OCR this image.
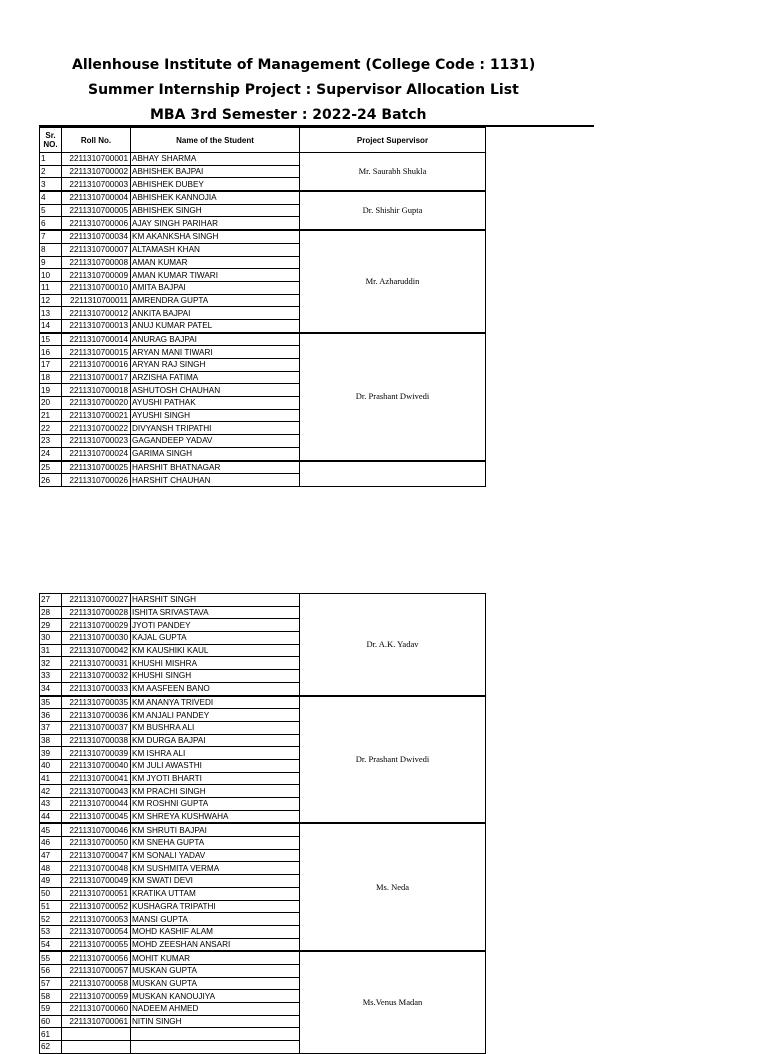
Allenhouse Institute of Management (College Code : 1131)
Summer Internship Project : Supervisor Allocation List
MBA 3rd Semester : 2022-24 Batch
Sr. NO.	Roll No.	Name of the Student	Project Supervisor
1	2211310700001	ABHAY SHARMA	Mr. Saurabh Shukla
2	2211310700002	ABHISHEK BAJPAI	
3	2211310700003	ABHISHEK DUBEY	
4	2211310700004	ABHISHEK KANNOJIA	Dr. Shishir Gupta
5	2211310700005	ABHISHEK SINGH	
6	2211310700006	AJAY SINGH PARIHAR	
7	2211310700034	KM AKANKSHA SINGH	Mr. Azharuddin
8	2211310700007	ALTAMASH KHAN	
9	2211310700008	AMAN KUMAR	
10	2211310700009	AMAN KUMAR TIWARI	
11	2211310700010	AMITA BAJPAI	
12	2211310700011	AMRENDRA GUPTA	
13	2211310700012	ANKITA BAJPAI	
14	2211310700013	ANUJ KUMAR PATEL	
15	2211310700014	ANURAG BAJPAI	Dr. Prashant Dwivedi
16	2211310700015	ARYAN MANI TIWARI	
17	2211310700016	ARYAN RAJ SINGH	
18	2211310700017	ARZISHA FATIMA	
19	2211310700018	ASHUTOSH CHAUHAN	
20	2211310700020	AYUSHI PATHAK	
21	2211310700021	AYUSHI SINGH	
22	2211310700022	DIVYANSH TRIPATHI	
23	2211310700023	GAGANDEEP YADAV	
24	2211310700024	GARIMA SINGH	
25	2211310700025	HARSHIT BHATNAGAR	
26	2211310700026	HARSHIT CHAUHAN	
27	2211310700027	HARSHIT SINGH	Dr. A.K. Yadav
28	2211310700028	ISHITA SRIVASTAVA	
29	2211310700029	JYOTI PANDEY	
30	2211310700030	KAJAL GUPTA	
31	2211310700042	KM KAUSHIKI KAUL	
32	2211310700031	KHUSHI MISHRA	
33	2211310700032	KHUSHI SINGH	
34	2211310700033	KM AASFEEN BANO	
35	2211310700035	KM ANANYA TRIVEDI	Dr. Prashant Dwivedi
36	2211310700036	KM ANJALI PANDEY	
37	2211310700037	KM BUSHRA ALI	
38	2211310700038	KM DURGA BAJPAI	
39	2211310700039	KM ISHRA ALI	
40	2211310700040	KM JULI AWASTHI	
41	2211310700041	KM JYOTI BHARTI	
42	2211310700043	KM PRACHI SINGH	
43	2211310700044	KM ROSHNI GUPTA	
44	2211310700045	KM SHREYA KUSHWAHA	
45	2211310700046	KM SHRUTI BAJPAI	Ms. Neda
46	2211310700050	KM SNEHA GUPTA	
47	2211310700047	KM SONALI YADAV	
48	2211310700048	KM SUSHMITA VERMA	
49	2211310700049	KM SWATI DEVI	
50	2211310700051	KRATIKA UTTAM	
51	2211310700052	KUSHAGRA TRIPATHI	
52	2211310700053	MANSI GUPTA	
53	2211310700054	MOHD KASHIF ALAM	
54	2211310700055	MOHD ZEESHAN ANSARI	
55	2211310700056	MOHIT KUMAR	Ms.Venus Madan
56	2211310700057	MUSKAN GUPTA	
57	2211310700058	MUSKAN GUPTA	
58	2211310700059	MUSKAN KANOUJIYA	
59	2211310700060	NADEEM AHMED	
60	2211310700061	NITIN SINGH	
61			
62			
